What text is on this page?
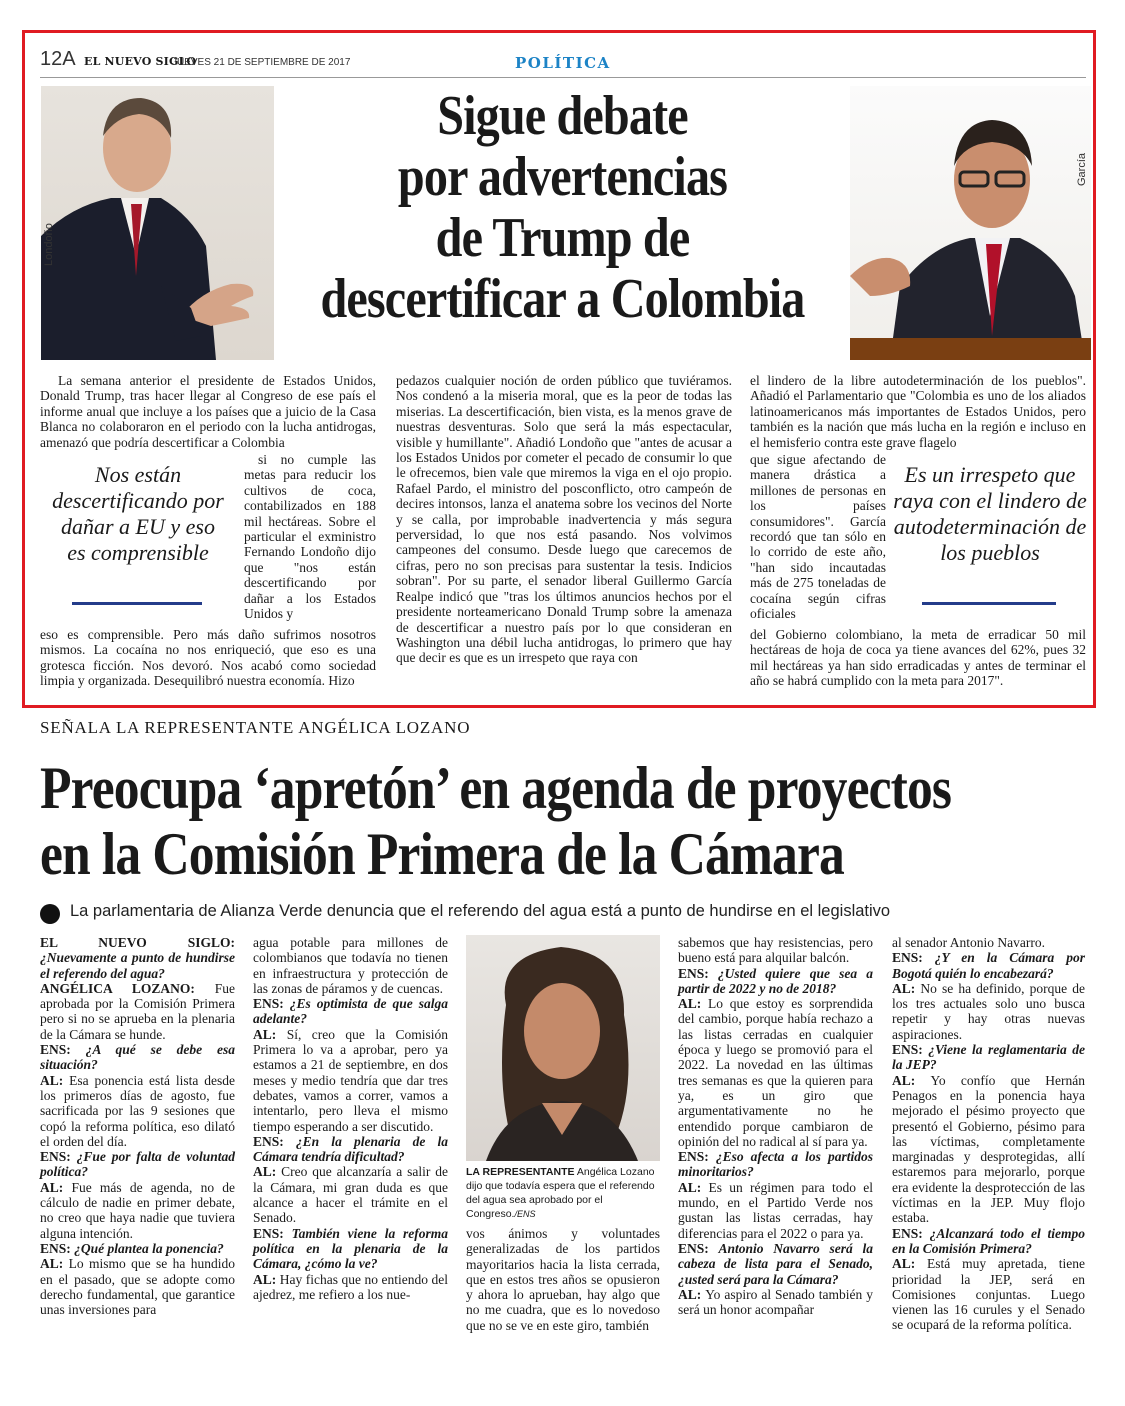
12A EL NUEVO SIGLO
JUEVES 21 DE SEPTIEMBRE DE 2017	POLÍTICA
Londoño
García
Sigue debate
por advertencias
de Trump de
descertificar a Colombia
La semana anterior el presidente de Estados Unidos, Donald Trump, tras hacer llegar al Congreso de ese país el informe anual que incluye a los países que a juicio de la Casa Blanca no colaboraron en el periodo con la lucha antidrogas, amenazó que podría descertificar a Colombia
si no cumple las metas para reducir los cultivos de coca, contabilizados en 188 mil hectáreas. Sobre el particular el exministro Fernando Londoño dijo que "nos están descertificando por dañar a los Estados Unidos y
eso es comprensible. Pero más daño sufrimos nosotros mismos. La cocaína no nos enriqueció, que eso es una grotesca ficción. Nos devoró. Nos acabó como sociedad limpia y organizada. Desequilibró nuestra economía. Hizo
Nos están descertificando por dañar a EU y eso es comprensible
pedazos cualquier noción de orden público que tuviéramos. Nos condenó a la miseria moral, que es la peor de todas las miserias. La descertificación, bien vista, es la menos grave de nuestras desventuras. Solo que será la más espectacular, visible y humillante". Añadió Londoño que "antes de acusar a los Estados Unidos por cometer el pecado de consumir lo que le ofrecemos, bien vale que miremos la viga en el ojo propio. Rafael Pardo, el ministro del posconflicto, otro campeón de decires intonsos, lanza el anatema sobre los vecinos del Norte y se calla, por improbable inadvertencia y más segura perversidad, lo que nos está pasando. Nos volvimos campeones del consumo. Desde luego que carecemos de cifras, pero no son precisas para sustentar la tesis. Indicios sobran". Por su parte, el senador liberal Guillermo García Realpe indicó que "tras los últimos anuncios hechos por el presidente norteamericano Donald Trump sobre la amenaza de descertificar a nuestro país por lo que consideran en Washington una débil lucha antidrogas, lo primero que hay que decir es que es un irrespeto que raya con
el lindero de la libre autodeterminación de los pueblos". Añadió el Parlamentario que "Colombia es uno de los aliados latinoamericanos más importantes de Estados Unidos, pero también es la nación que más lucha en la región e incluso en el hemisferio contra este grave flagelo
que sigue afectando de manera drástica a millones de personas en los países consumidores". García recordó que tan sólo en lo corrido de este año, "han sido incautadas más de 275 toneladas de cocaína según cifras oficiales
del Gobierno colombiano, la meta de erradicar 50 mil hectáreas de hoja de coca ya tiene avances del 62%, pues 32 mil hectáreas ya han sido erradicadas y antes de terminar el año se habrá cumplido con la meta para 2017".
Es un irrespeto que raya con el lindero de autodeterminación de los pueblos
SEÑALA LA REPRESENTANTE ANGÉLICA LOZANO
Preocupa ‘apretón’ en agenda de proyectos
en la Comisión Primera de la Cámara
La parlamentaria de Alianza Verde denuncia que el referendo del agua está a punto de hundirse en el legislativo

EL NUEVO SIGLO: ¿Nuevamente a punto de hundirse el referendo del agua?

ANGÉLICA LOZANO: Fue aprobada por la Comisión Primera pero si no se aprueba en la plenaria de la Cámara se hunde.

ENS: ¿A qué se debe esa situación?

AL: Esa ponencia está lista desde los primeros días de agosto, fue sacrificada por las 9 sesiones que copó la reforma política, eso dilató el orden del día.

ENS: ¿Fue por falta de voluntad política?

AL: Fue más de agenda, no de cálculo de nadie en primer debate, no creo que haya nadie que tuviera alguna intención.

ENS: ¿Qué plantea la ponencia?

AL: Lo mismo que se ha hundido en el pasado, que se adopte como derecho fundamental, que garantice unas inversiones para

agua potable para millones de colombianos que todavía no tienen en infraestructura y protección de las zonas de páramos y de cuencas.

ENS: ¿Es optimista de que salga adelante?

AL: Sí, creo que la Comisión Primera lo va a aprobar, pero ya estamos a 21 de septiembre, en dos meses y medio tendría que dar tres debates, vamos a correr, vamos a intentarlo, pero lleva el mismo tiempo esperando a ser discutido.

ENS: ¿En la plenaria de la Cámara tendría dificultad?

AL: Creo que alcanzaría a salir de la Cámara, mi gran duda es que alcance a hacer el trámite en el Senado.

ENS: También viene la reforma política en la plenaria de la Cámara, ¿cómo la ve?

AL: Hay fichas que no entiendo del ajedrez, me refiero a los nue-

LA REPRESENTANTE Angélica Lozano dijo que todavía espera que el referendo del agua sea aprobado por el Congreso./ENS
vos ánimos y voluntades generalizadas de los partidos mayoritarios hacia la lista cerrada, que en estos tres años se opusieron y ahora lo aprueban, hay algo que no me cuadra, que es lo novedoso que no se ve en este giro, también

sabemos que hay resistencias, pero bueno está para alquilar balcón.

ENS: ¿Usted quiere que sea a partir de 2022 y no de 2018?

AL: Lo que estoy es sorprendida del cambio, porque había rechazo a las listas cerradas en cualquier época y luego se promovió para el 2022. La novedad en las últimas tres semanas es que la quieren para ya, es un giro que argumentativamente no he entendido porque cambiaron de opinión del no radical al sí para ya.

ENS: ¿Eso afecta a los partidos minoritarios?

AL: Es un régimen para todo el mundo, en el Partido Verde nos gustan las listas cerradas, hay diferencias para el 2022 o para ya.

ENS: Antonio Navarro será la cabeza de lista para el Senado, ¿usted será para la Cámara?

AL: Yo aspiro al Senado también y será un honor acompañar

al senador Antonio Navarro.

ENS: ¿Y en la Cámara por Bogotá quién lo encabezará?

AL: No se ha definido, porque de los tres actuales solo uno busca repetir y hay otras nuevas aspiraciones.

ENS: ¿Viene la reglamentaria de la JEP?

AL: Yo confío que Hernán Penagos en la ponencia haya mejorado el pésimo proyecto que presentó el Gobierno, pésimo para las víctimas, completamente marginadas y desprotegidas, allí estaremos para mejorarlo, porque era evidente la desprotección de las víctimas en la JEP. Muy flojo estaba.

ENS: ¿Alcanzará todo el tiempo en la Comisión Primera?

AL: Está muy apretada, tiene prioridad la JEP, será en Comisiones conjuntas. Luego vienen las 16 curules y el Senado se ocupará de la reforma política.
